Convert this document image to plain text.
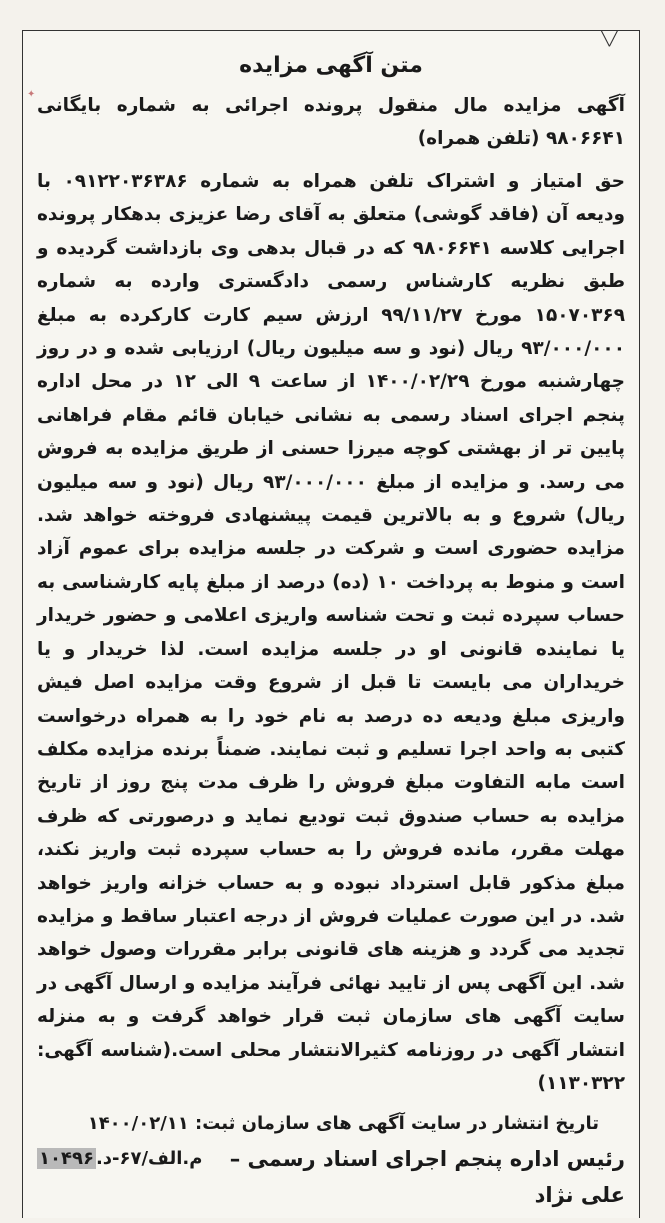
╲╱
✦
متن آگهی مزایده
آگهی مزایده مال منقول پرونده اجرائی به شماره بایگانی ۹۸۰۶۶۴۱ (تلفن همراه)

حق امتیاز و اشتراک تلفن همراه به شماره ۰۹۱۲۲۰۳۶۳۸۶ با ودیعه آن (فاقد گوشی) متعلق به آقای رضا عزیزی بدهکار پرونده اجرایی کلاسه ۹۸۰۶۶۴۱ که در قبال بدهی وی بازداشت گردیده و طبق نظریه کارشناس رسمی دادگستری وارده به شماره ۱۵۰۷۰۳۶۹ مورخ ۹۹/۱۱/۲۷ ارزش سیم کارت کارکرده به مبلغ ۹۳/۰۰۰/۰۰۰ ریال (نود و سه میلیون ریال) ارزیابی شده و در روز چهارشنبه مورخ ۱۴۰۰/۰۲/۲۹ از ساعت ۹ الی ۱۲ در محل اداره پنجم اجرای اسناد رسمی به نشانی خیابان قائم مقام فراهانی پایین تر از بهشتی کوچه میرزا حسنی از طریق مزایده به فروش می رسد. و مزایده از مبلغ ۹۳/۰۰۰/۰۰۰ ریال (نود و سه میلیون ریال) شروع و به بالاترین قیمت پیشنهادی فروخته خواهد شد. مزایده حضوری است و شرکت در جلسه مزایده برای عموم آزاد است و منوط به پرداخت ۱۰ (ده) درصد از مبلغ پایه کارشناسی به حساب سپرده ثبت و تحت شناسه واریزی اعلامی و حضور خریدار یا نماینده قانونی او در جلسه مزایده است. لذا خریدار و یا خریداران می بایست تا قبل از شروع وقت مزایده اصل فیش واریزی مبلغ ودیعه ده درصد به نام خود را به همراه درخواست کتبی به واحد اجرا تسلیم و ثبت نمایند. ضمناً برنده مزایده مکلف است مابه التفاوت مبلغ فروش را ظرف مدت پنج روز از تاریخ مزایده به حساب صندوق ثبت تودیع نماید و درصورتی که ظرف مهلت مقرر، مانده فروش را به حساب سپرده ثبت واریز نکند، مبلغ مذکور قابل استرداد نبوده و به حساب خزانه واریز خواهد شد. در این صورت عملیات فروش از درجه اعتبار ساقط و مزایده تجدید می گردد و هزینه های قانونی برابر مقررات وصول خواهد شد. این آگهی پس از تایید نهائی فرآیند مزایده و ارسال آگهی در سایت آگهی های سازمان ثبت قرار خواهد گرفت و به منزله انتشار آگهی در روزنامه کثیرالانتشار محلی است.(شناسه آگهی: ۱۱۳۰۳۲۲)

تاریخ انتشار در سایت آگهی های سازمان ثبت: ۱۴۰۰/۰۲/۱۱
۱۰۴۹۶ .م.الف/۶۷-د رئیس اداره پنجم اجرای اسناد رسمی –
علی نژاد
